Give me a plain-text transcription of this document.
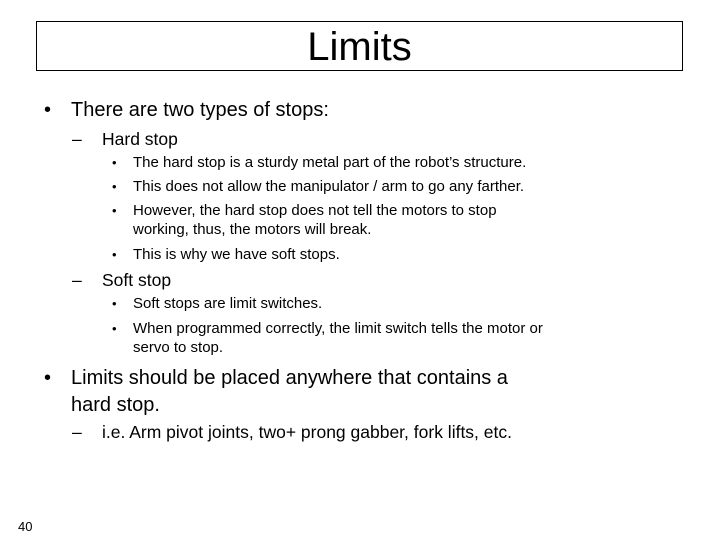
Limits
• There are two types of stops:
– Hard stop
• The hard stop is a sturdy metal part of the robot’s structure.
• This does not allow the manipulator / arm to go any farther.
• However, the hard stop does not tell the motors to stop
working, thus, the motors will break.
• This is why we have soft stops.
– Soft stop
• Soft stops are limit switches.
• When programmed correctly, the limit switch tells the motor or
servo to stop.
• Limits should be placed anywhere that contains a
hard stop.
– i.e. Arm pivot joints, two+ prong gabber, fork lifts, etc.
40
